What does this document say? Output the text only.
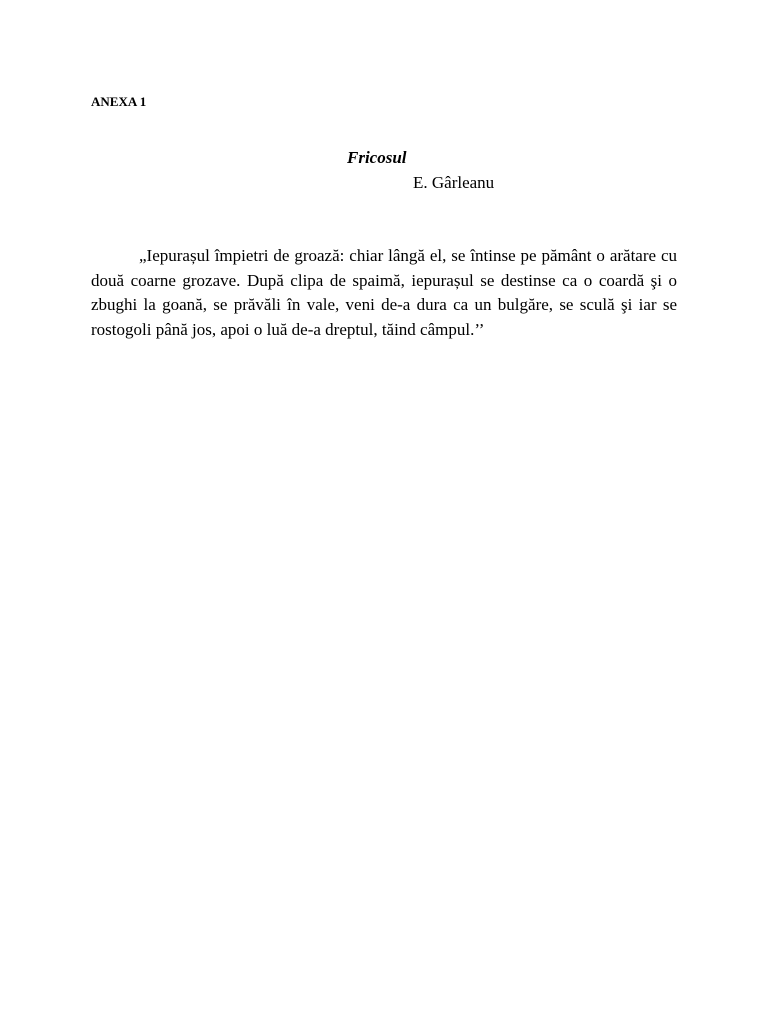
ANEXA 1
Fricosul
E. Gârleanu

„Iepurașul împietri de groază: chiar lângă el, se întinse pe pământ o arătare cu două coarne grozave. După clipa de spaimă, iepurașul se destinse ca o coardă şi o zbughi la goană, se prăvăli în vale, veni de-a dura ca un bulgăre, se sculă şi iar se rostogoli până jos, apoi o luă de-a dreptul, tăind câmpul.’’
